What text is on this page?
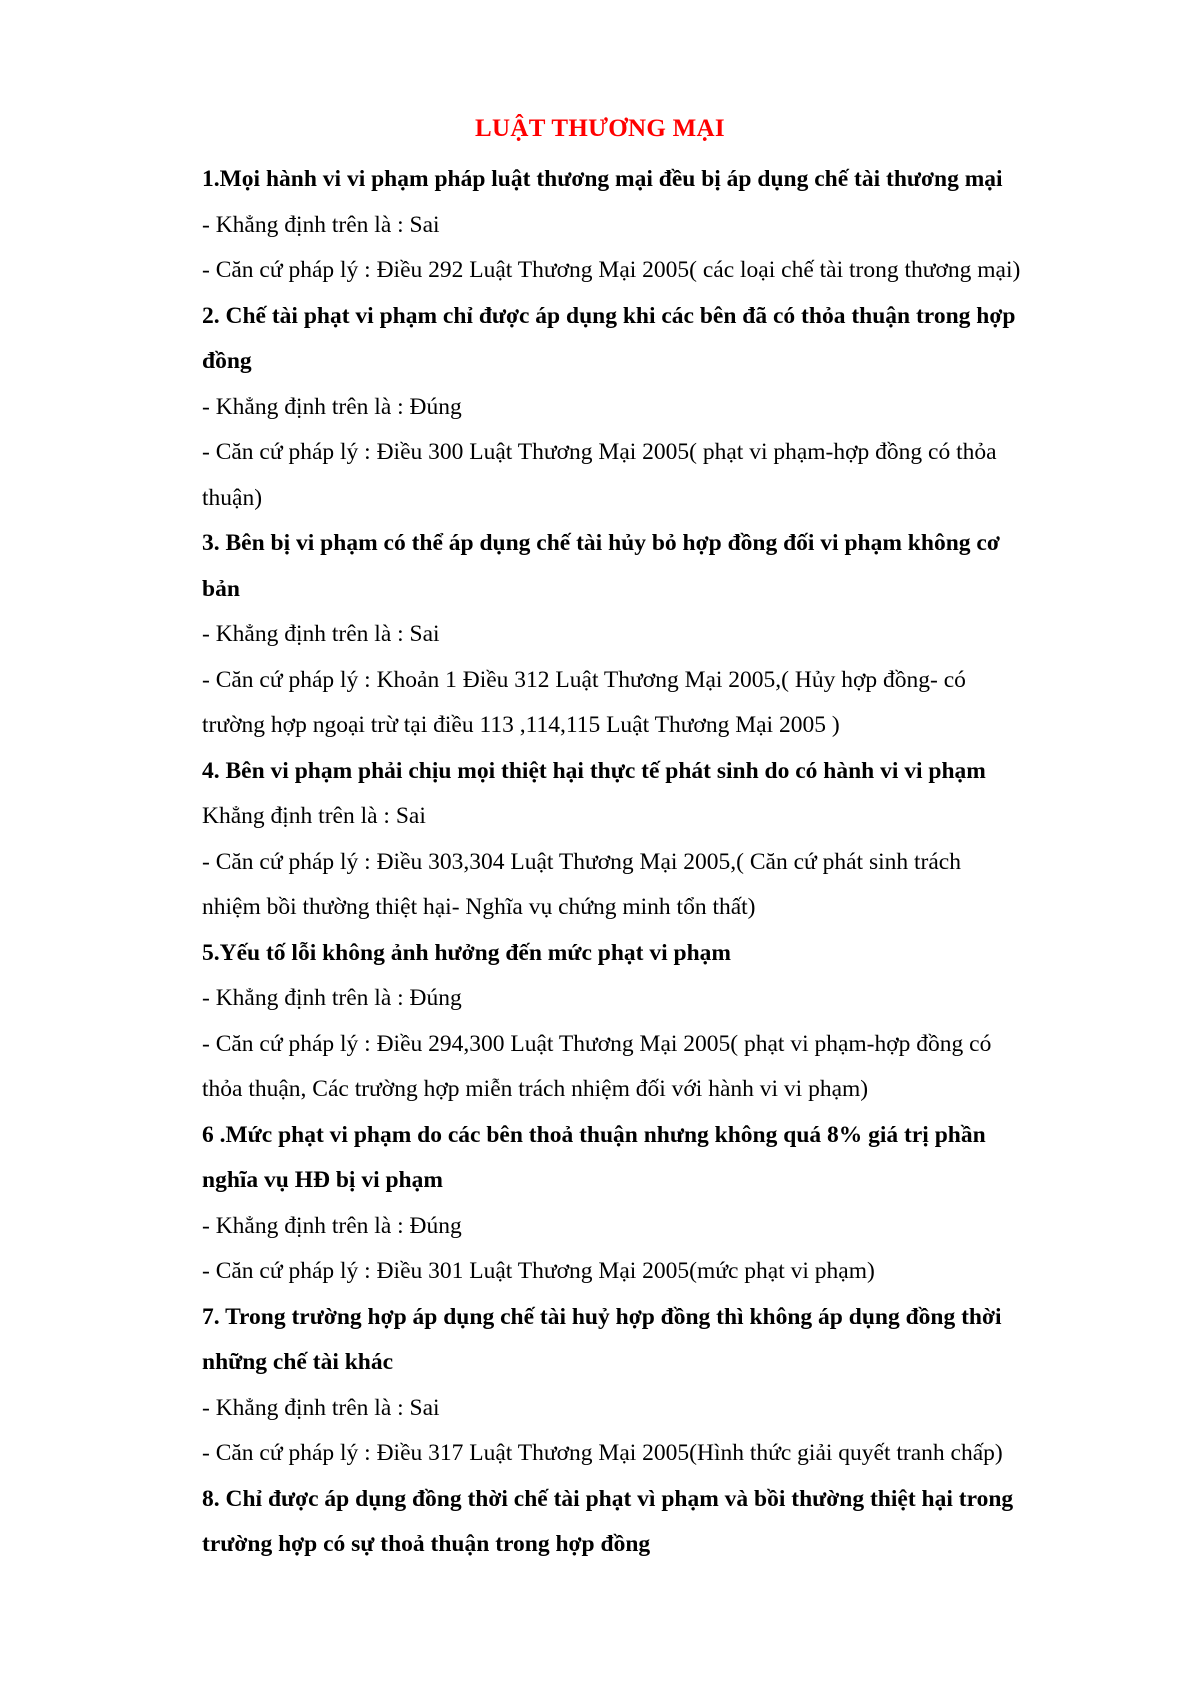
LUẬT THƯƠNG MẠI
1.Mọi hành vi vi phạm pháp luật thương mại đều bị áp dụng chế tài thương mại
- Khẳng định trên là : Sai
- Căn cứ pháp lý : Điều 292 Luật Thương Mại 2005( các loại chế tài trong thương mại)
2. Chế tài phạt vi phạm chỉ được áp dụng khi các bên đã có thỏa thuận trong hợp
đồng
- Khẳng định trên là : Đúng
- Căn cứ pháp lý : Điều 300 Luật Thương Mại 2005( phạt vi phạm-hợp đồng có thỏa
thuận)
3. Bên bị vi phạm có thể áp dụng chế tài hủy bỏ hợp đồng đối vi phạm không cơ
bản
- Khẳng định trên là : Sai
- Căn cứ pháp lý : Khoản 1 Điều 312 Luật Thương Mại 2005,( Hủy hợp đồng- có
trường hợp ngoại trừ tại điều 113 ,114,115 Luật Thương Mại 2005 )
4. Bên vi phạm phải chịu mọi thiệt hại thực tế phát sinh do có hành vi vi phạm
Khẳng định trên là : Sai
- Căn cứ pháp lý : Điều 303,304 Luật Thương Mại 2005,( Căn cứ phát sinh trách
nhiệm bồi thường thiệt hại- Nghĩa vụ chứng minh tổn thất)
5.Yếu tố lỗi không ảnh hưởng đến mức phạt vi phạm
- Khẳng định trên là : Đúng
- Căn cứ pháp lý : Điều 294,300 Luật Thương Mại 2005( phạt vi phạm-hợp đồng có
thỏa thuận, Các trường hợp miễn trách nhiệm đối với hành vi vi phạm)
6 .Mức phạt vi phạm do các bên thoả thuận nhưng không quá 8% giá trị phần
nghĩa vụ HĐ bị vi phạm
- Khẳng định trên là : Đúng
- Căn cứ pháp lý : Điều 301 Luật Thương Mại 2005(mức phạt vi phạm)
7. Trong trường hợp áp dụng chế tài huỷ hợp đồng thì không áp dụng đồng thời
những chế tài khác
- Khẳng định trên là : Sai
- Căn cứ pháp lý : Điều 317 Luật Thương Mại 2005(Hình thức giải quyết tranh chấp)
8. Chỉ được áp dụng đồng thời chế tài phạt vì phạm và bồi thường thiệt hại trong
trường hợp có sự thoả thuận trong hợp đồng
